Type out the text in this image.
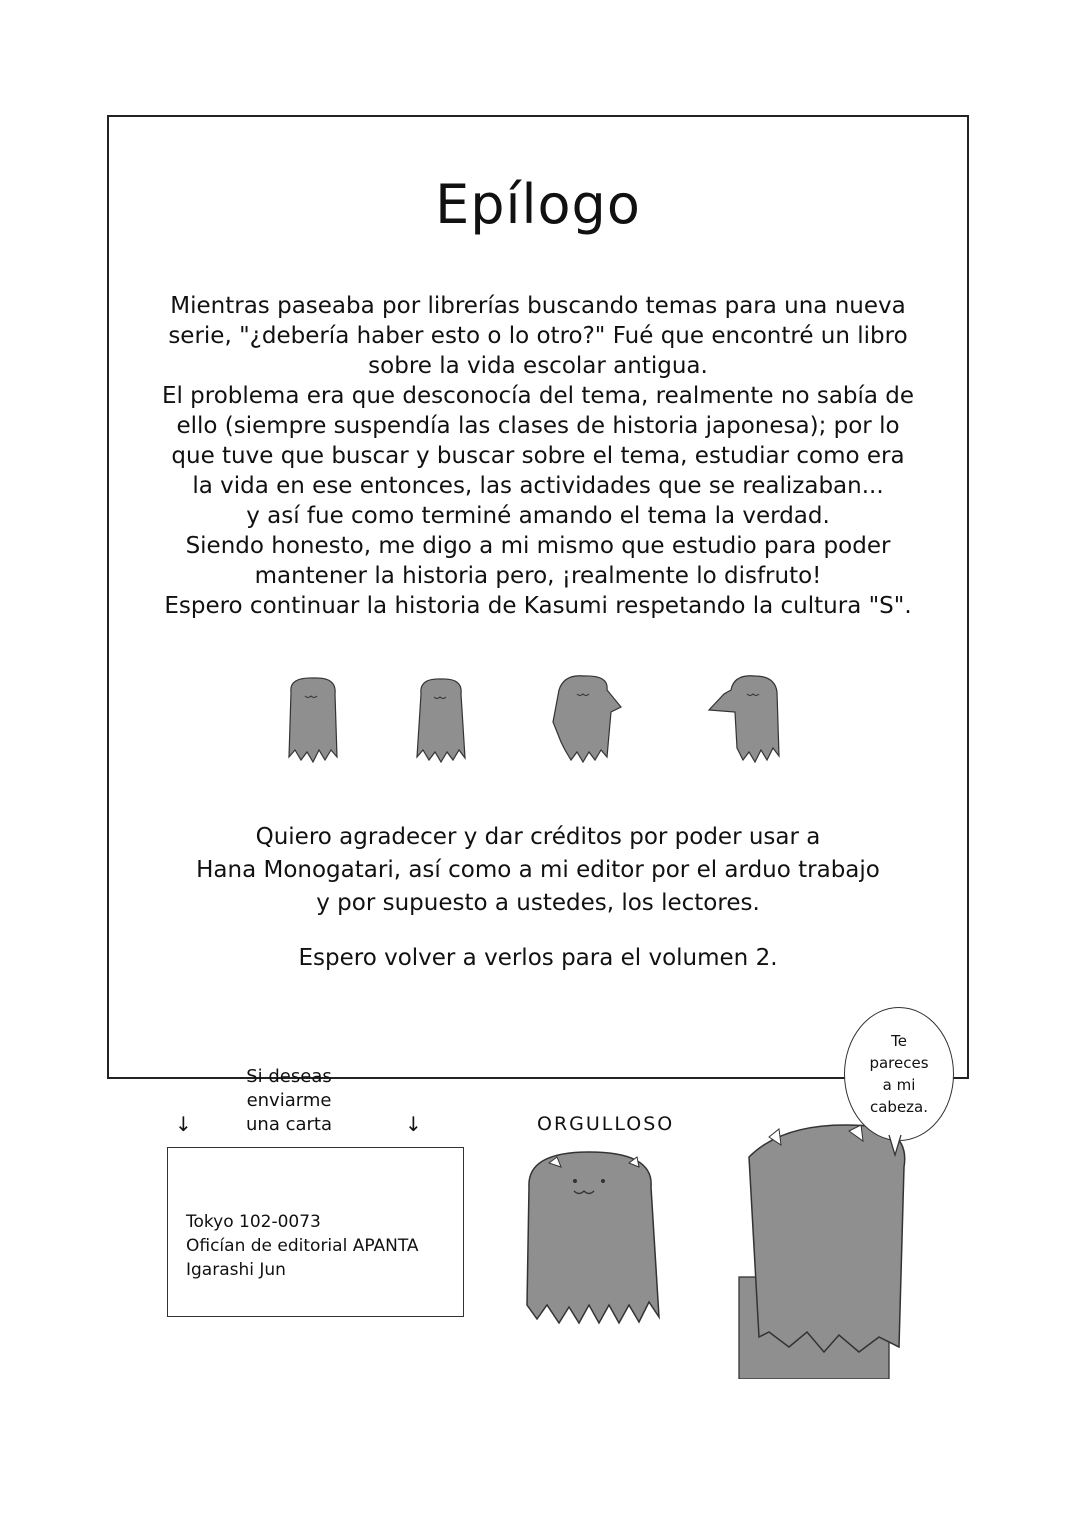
Epílogo
Mientras paseaba por librerías buscando temas para una nueva
serie, "¿debería haber esto o lo otro?" Fué que encontré un libro
sobre la vida escolar antigua.
El problema era que desconocía del tema, realmente no sabía de
ello (siempre suspendía las clases de historia japonesa); por lo
que tuve que buscar y buscar sobre el tema, estudiar como era
la vida en ese entonces, las actividades que se realizaban...
y así fue como terminé amando el tema la verdad.
Siendo honesto, me digo a mi mismo que estudio para poder
mantener la historia pero, ¡realmente lo disfruto!
Espero continuar la historia de Kasumi respetando la cultura "S".
Quiero agradecer y dar créditos por poder usar a
Hana Monogatari, así como a mi editor por el arduo trabajo
y por supuesto a ustedes, los lectores.
Espero volver a verlos para el volumen 2.
Si deseas enviarme
una carta
↓	↓
Tokyo 102-0073
Oficían de editorial APANTA
Igarashi Jun
ORGULLOSO
Te
pareces
a mi
cabeza.
